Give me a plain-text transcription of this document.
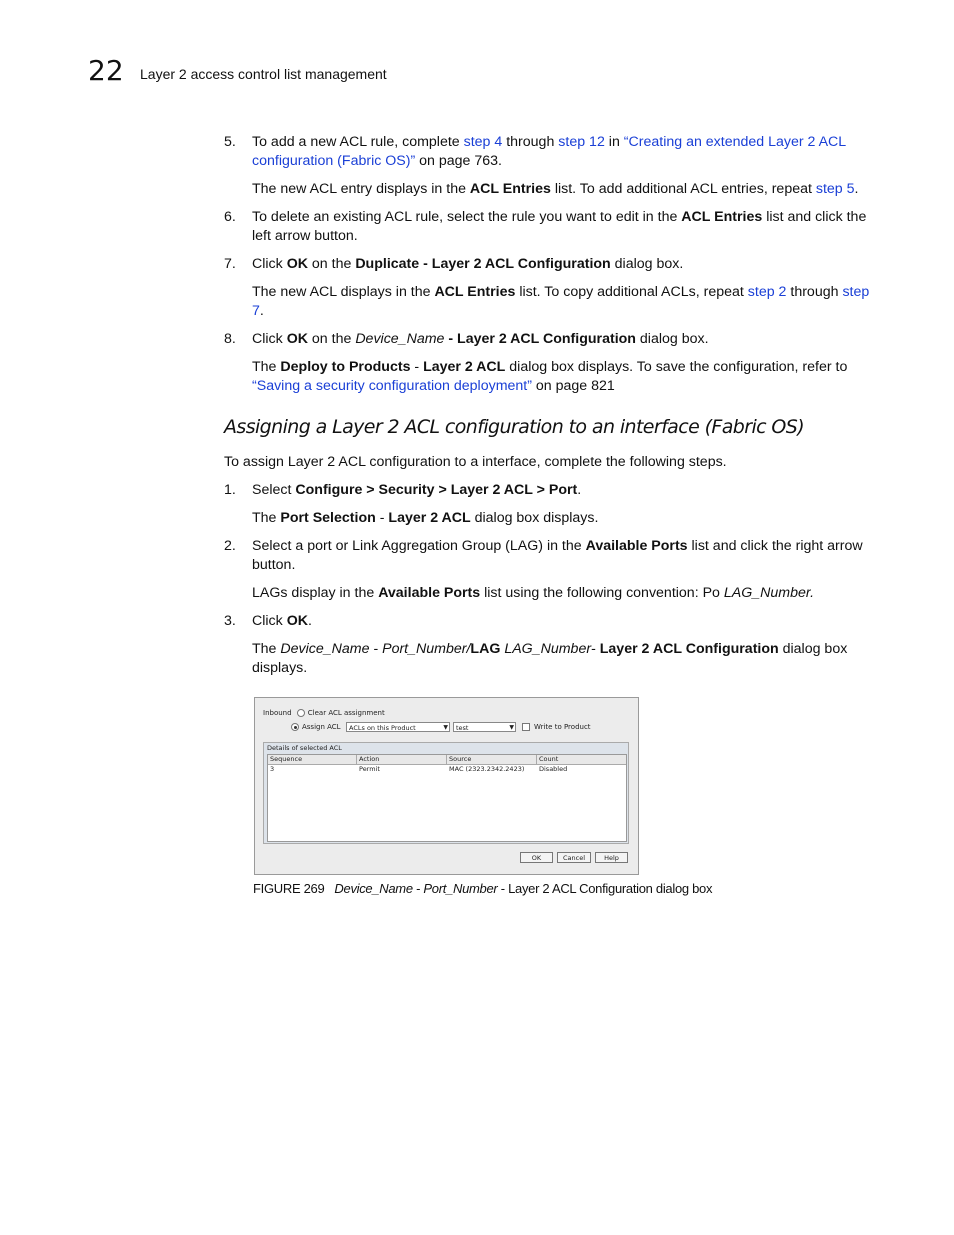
22 Layer 2 access control list management
5. To add a new ACL rule, complete step 4 through step 12 in “Creating an extended Layer 2 ACL configuration (Fabric OS)” on page 763.
The new ACL entry displays in the ACL Entries list. To add additional ACL entries, repeat step 5.
6. To delete an existing ACL rule, select the rule you want to edit in the ACL Entries list and click the left arrow button.
7. Click OK on the Duplicate - Layer 2 ACL Configuration dialog box.
The new ACL displays in the ACL Entries list. To copy additional ACLs, repeat step 2 through step 7.
8. Click OK on the Device_Name - Layer 2 ACL Configuration dialog box.
The Deploy to Products - Layer 2 ACL dialog box displays. To save the configuration, refer to “Saving a security configuration deployment” on page 821
Assigning a Layer 2 ACL configuration to an interface (Fabric OS)
To assign Layer 2 ACL configuration to a interface, complete the following steps.
1. Select Configure > Security > Layer 2 ACL > Port.
The Port Selection - Layer 2 ACL dialog box displays.
2. Select a port or Link Aggregation Group (LAG) in the Available Ports list and click the right arrow button.
LAGs display in the Available Ports list using the following convention: Po LAG_Number.
3. Click OK.
The Device_Name - Port_Number/LAG LAG_Number- Layer 2 ACL Configuration dialog box displays.
Inbound Clear ACL assignment
Assign ACL	ACLs on this Product	▼	test	▼	Write to Product
Details of selected ACL
Sequence	Action	Source	Count
3	Permit	MAC (2323.2342.2423) Disabled
OK	Cancel	Help
FIGURE 269 Device_Name - Port_Number - Layer 2 ACL Configuration dialog box
